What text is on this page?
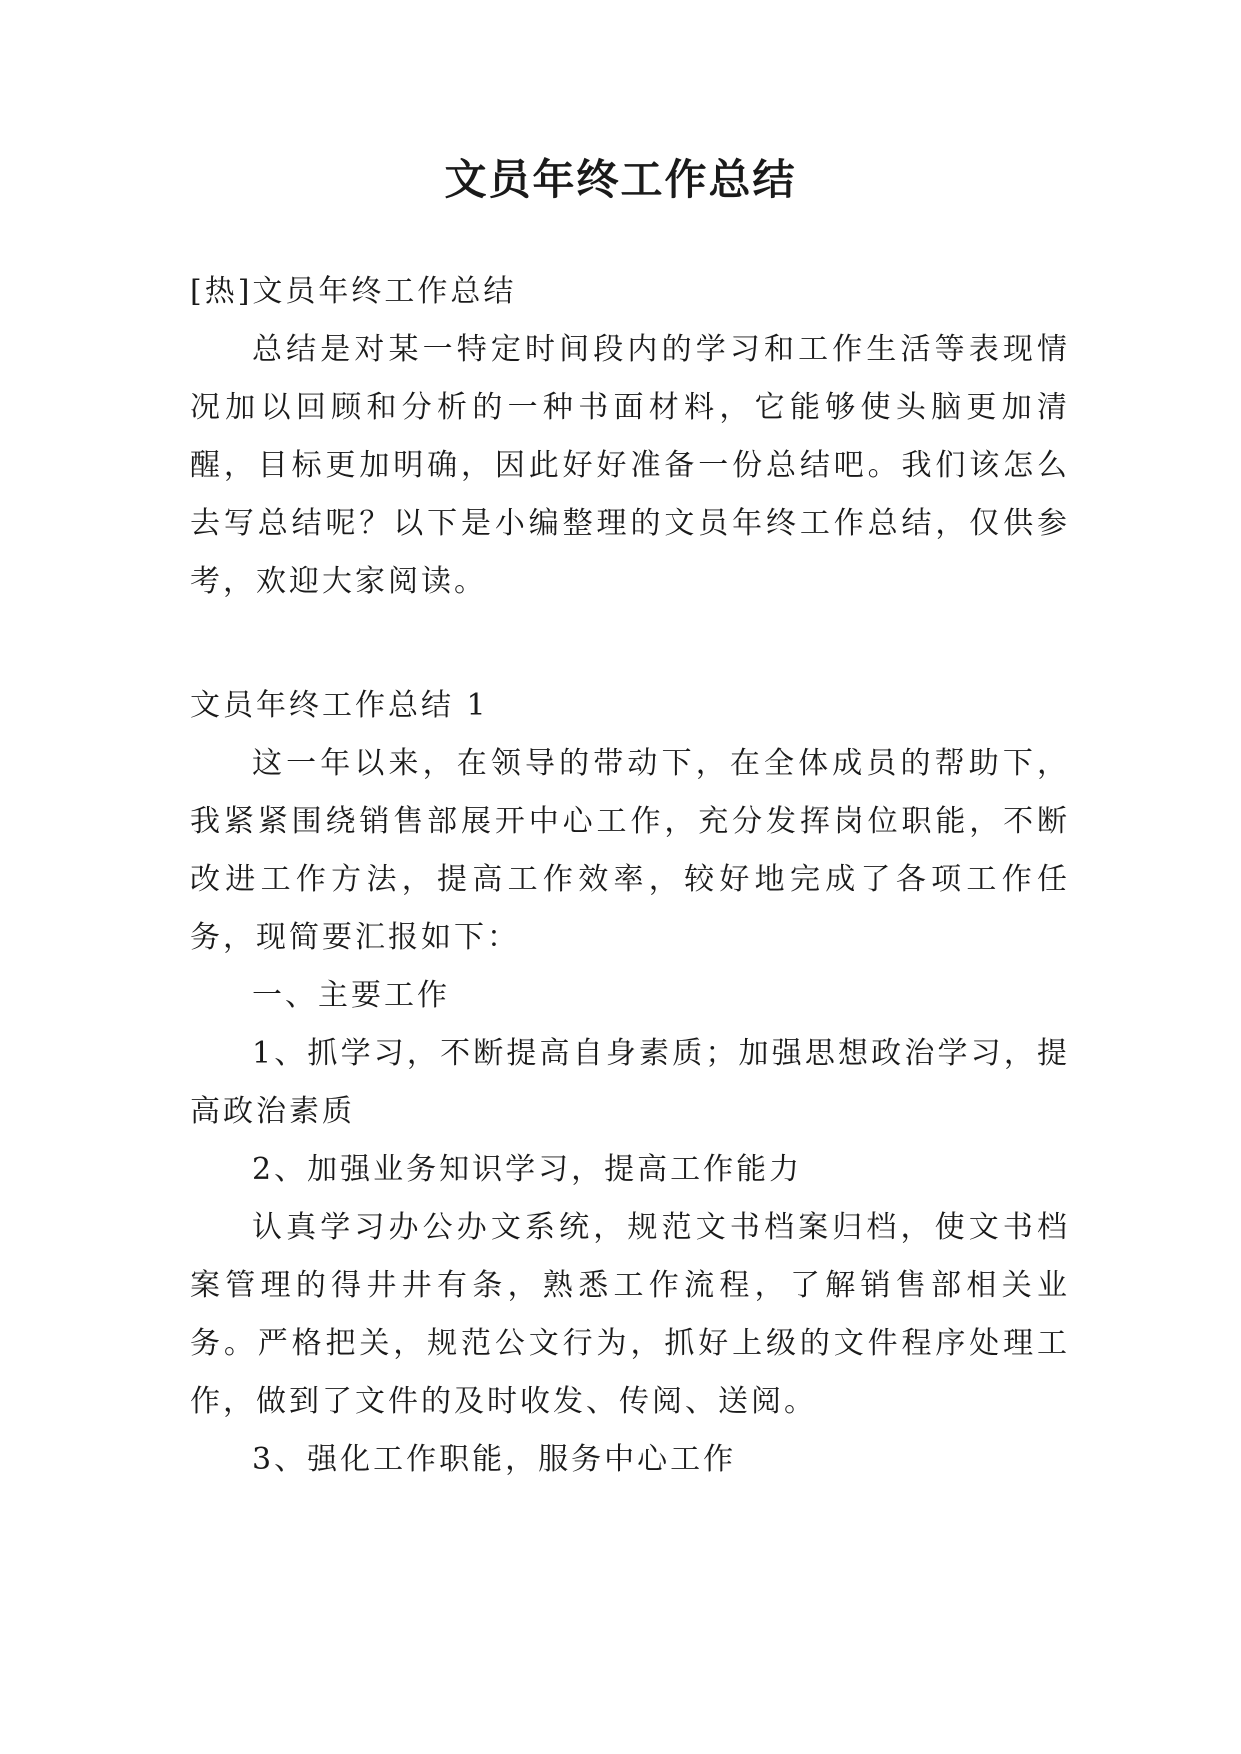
文员年终工作总结

[热]文员年终工作总结

总结是对某一特定时间段内的学习和工作生活等表现情况加以回顾和分析的一种书面材料，它能够使头脑更加清醒，目标更加明确，因此好好准备一份总结吧。我们该怎么去写总结呢？以下是小编整理的文员年终工作总结，仅供参考，欢迎大家阅读。

文员年终工作总结 1

这一年以来，在领导的带动下，在全体成员的帮助下，我紧紧围绕销售部展开中心工作，充分发挥岗位职能，不断改进工作方法，提高工作效率，较好地完成了各项工作任务，现简要汇报如下：

一、主要工作

1、抓学习，不断提高自身素质；加强思想政治学习，提高政治素质

2、加强业务知识学习，提高工作能力

认真学习办公办文系统，规范文书档案归档，使文书档案管理的得井井有条，熟悉工作流程，了解销售部相关业务。严格把关，规范公文行为，抓好上级的文件程序处理工作，做到了文件的及时收发、传阅、送阅。

3、强化工作职能，服务中心工作
